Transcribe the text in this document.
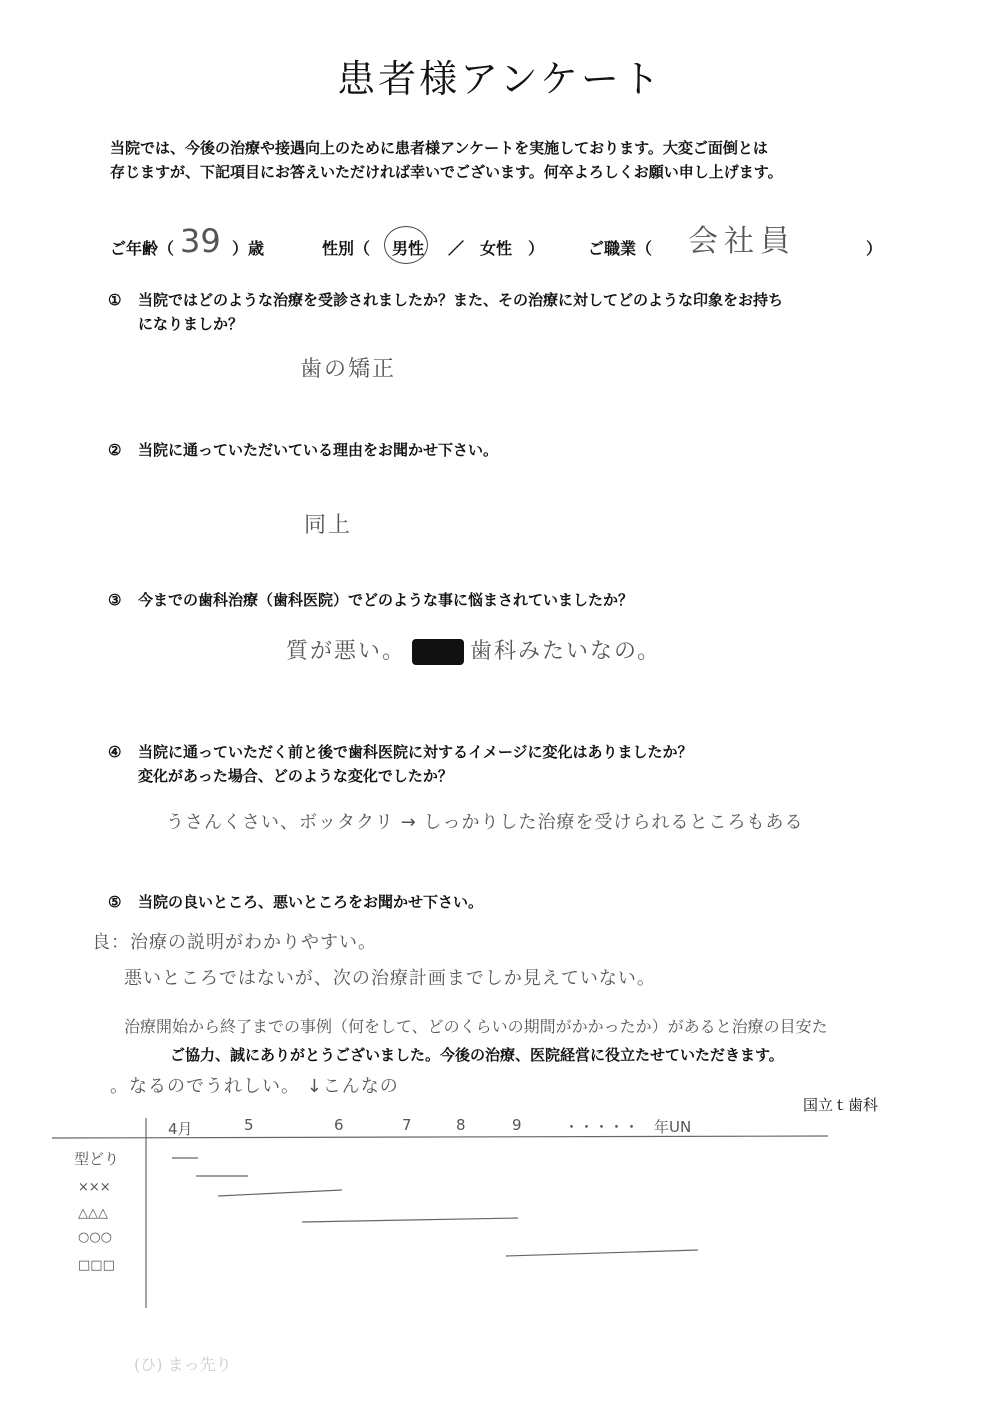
患者様アンケート
当院では、今後の治療や接遇向上のために患者様アンケートを実施しております。大変ご面倒とは
存じますが、下記項目にお答えいただければ幸いでございます。何卒よろしくお願い申し上げます。
ご年齢（ 39 ）歳	性別（ 男性 ／ 女性 ）	ご職業（ 会社員	）
① 当院ではどのような治療を受診されましたか？また、その治療に対してどのような印象をお持ち
になりましか？
歯の矯正
② 当院に通っていただいている理由をお聞かせ下さい。
同上
③ 今までの歯科治療（歯科医院）でどのような事に悩まされていましたか？
質が悪い。	歯科みたいなの。
④ 当院に通っていただく前と後で歯科医院に対するイメージに変化はありましたか？
変化があった場合、どのような変化でしたか？
うさんくさい、ボッタクリ → しっかりした治療を受けられるところもある
⑤ 当院の良いところ、悪いところをお聞かせ下さい。
良：治療の説明がわかりやすい。
悪いところではないが、次の治療計画までしか見えていない。
治療開始から終了までの事例（何をして、どのくらいの期間がかかったか）があると治療の目安た
ご協力、誠にありがとうございました。今後の治療、医院経営に役立たせていただきます。
。なるのでうれしい。 ↓こんなの
国立ｔ歯科
4月	5	6	7	8	9	・・・・・ 年UN
型どり
×××
△△△
○○○
□□□
(ひ) まっ先り
